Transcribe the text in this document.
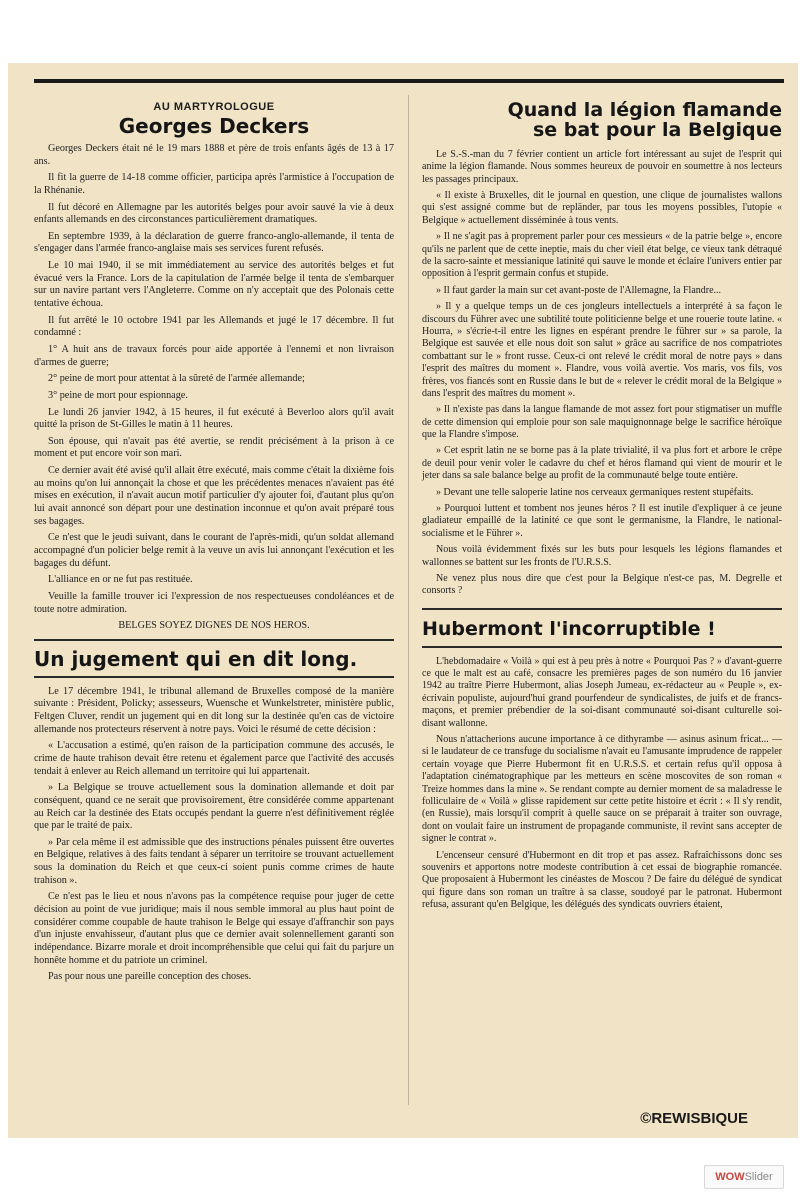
AU MARTYROLOGUE
Georges Deckers

Georges Deckers était né le 19 mars 1888 et père de trois enfants âgés de 13 à 17 ans.

Il fit la guerre de 14-18 comme officier, participa après l'armistice à l'occupation de la Rhénanie.

Il fut décoré en Allemagne par les autorités belges pour avoir sauvé la vie à deux enfants allemands en des circonstances particulièrement dramatiques.

En septembre 1939, à la déclaration de guerre franco-anglo-allemande, il tenta de s'engager dans l'armée franco-anglaise mais ses services furent refusés.

Le 10 mai 1940, il se mit immédiatement au service des autorités belges et fut évacué vers la France. Lors de la capitulation de l'armée belge il tenta de s'embarquer sur un navire partant vers l'Angleterre. Comme on n'y acceptait que des Polonais cette tentative échoua.

Il fut arrêté le 10 octobre 1941 par les Allemands et jugé le 17 décembre. Il fut condamné :

1° A huit ans de travaux forcés pour aide apportée à l'ennemi et non livraison d'armes de guerre;

2° peine de mort pour attentat à la sûreté de l'armée allemande;

3° peine de mort pour espionnage.

Le lundi 26 janvier 1942, à 15 heures, il fut exécuté à Beverloo alors qu'il avait quitté la prison de St-Gilles le matin à 11 heures.

Son épouse, qui n'avait pas été avertie, se rendit précisément à la prison à ce moment et put encore voir son mari.

Ce dernier avait été avisé qu'il allait être exécuté, mais comme c'était la dixième fois au moins qu'on lui annonçait la chose et que les précédentes menaces n'avaient pas été mises en exécution, il n'avait aucun motif particulier d'y ajouter foi, d'autant plus qu'on lui avait annoncé son départ pour une destination inconnue et qu'on avait préparé tous ses bagages.

Ce n'est que le jeudi suivant, dans le courant de l'après-midi, qu'un soldat allemand accompagné d'un policier belge remit à la veuve un avis lui annonçant l'exécution et les bagages du défunt.

L'alliance en or ne fut pas restituée.

Veuille la famille trouver ici l'expression de nos respectueuses condoléances et de toute notre admiration.

BELGES SOYEZ DIGNES DE NOS HEROS.

Un jugement qui en dit long.

Le 17 décembre 1941, le tribunal allemand de Bruxelles composé de la manière suivante : Président, Policky; assesseurs, Wuensche et Wunkelstreter, ministère public, Feltgen Cluver, rendit un jugement qui en dit long sur la destinée qu'en cas de victoire allemande nos protecteurs réservent à notre pays. Voici le résumé de cette décision :

« L'accusation a estimé, qu'en raison de la participation commune des accusés, le crime de haute trahison devait être retenu et également parce que l'activité des accusés tendait à enlever au Reich allemand un territoire qui lui appartenait.

» La Belgique se trouve actuellement sous la domination allemande et doit par conséquent, quand ce ne serait que provisoirement, être considérée comme appartenant au Reich car la destinée des Etats occupés pendant la guerre n'est définitivement réglée que par le traité de paix.

» Par cela même il est admissible que des instructions pénales puissent être ouvertes en Belgique, relatives à des faits tendant à séparer un territoire se trouvant actuellement sous la domination du Reich et que ceux-ci soient punis comme crimes de haute trahison ».

Ce n'est pas le lieu et nous n'avons pas la compétence requise pour juger de cette décision au point de vue juridique; mais il nous semble immoral au plus haut point de considérer comme coupable de haute trahison le Belge qui essaye d'affranchir son pays d'un injuste envahisseur, d'autant plus que ce dernier avait solennellement garanti son indépendance. Bizarre morale et droit incompréhensible que celui qui fait du parjure un honnête homme et du patriote un criminel.

Pas pour nous une pareille conception des choses.

Quand la légion flamande
se bat pour la Belgique

Le S.-S.-man du 7 février contient un article fort intéressant au sujet de l'esprit qui anime la légion flamande. Nous sommes heureux de pouvoir en soumettre à nos lecteurs les passages principaux.

« Il existe à Bruxelles, dit le journal en question, une clique de journalistes wallons qui s'est assigné comme but de repländer, par tous les moyens possibles, l'utopie « Belgique » actuellement disséminée à tous vents.

» Il ne s'agit pas à proprement parler pour ces messieurs « de la patrie belge », encore qu'ils ne parlent que de cette ineptie, mais du cher vieil état belge, ce vieux tank détraqué de la sacro-sainte et messianique latinité qui sauve le monde et éclaire l'univers entier par opposition à l'esprit germain confus et stupide.

» Il faut garder la main sur cet avant-poste de l'Allemagne, la Flandre...

» Il y a quelque temps un de ces jongleurs intellectuels a interprété à sa façon le discours du Führer avec une subtilité toute politicienne belge et une rouerie toute latine. « Hourra, » s'écrie-t-il entre les lignes en espérant prendre le führer sur » sa parole, la Belgique est sauvée et elle nous doit son salut » grâce au sacrifice de nos compatriotes combattant sur le » front russe. Ceux-ci ont relevé le crédit moral de notre pays » dans l'esprit des maîtres du moment ». Flandre, vous voilà avertie. Vos maris, vos fils, vos frères, vos fiancés sont en Russie dans le but de « relever le crédit moral de la Belgique » dans l'esprit des maîtres du moment ».

» Il n'existe pas dans la langue flamande de mot assez fort pour stigmatiser un muffle de cette dimension qui emploie pour son sale maquignonnage belge le sacrifice héroïque que la Flandre s'impose.

» Cet esprit latin ne se borne pas à la plate trivialité, il va plus fort et arbore le crêpe de deuil pour venir voler le cadavre du chef et héros flamand qui vient de mourir et le jeter dans sa sale balance belge au profit de la communauté belge toute entière.

» Devant une telle saloperie latine nos cerveaux germaniques restent stupéfaits.

» Pourquoi luttent et tombent nos jeunes héros ? Il est inutile d'expliquer à ce jeune gladiateur empaillé de la latinité ce que sont le germanisme, la Flandre, le national-socialisme et le Führer ».

Nous voilà évidemment fixés sur les buts pour lesquels les légions flamandes et wallonnes se battent sur les fronts de l'U.R.S.S.

Ne venez plus nous dire que c'est pour la Belgique n'est-ce pas, M. Degrelle et consorts ?

Hubermont l'incorruptible !

L'hebdomadaire « Voilà » qui est à peu près à notre « Pourquoi Pas ? » d'avant-guerre ce que le malt est au café, consacre les premières pages de son numéro du 16 janvier 1942 au traître Pierre Hubermont, alias Joseph Jumeau, ex-rédacteur au « Peuple », ex-écrivain populiste, aujourd'hui grand pourfendeur de syndicalistes, de juifs et de francs-maçons, et premier prébendier de la soi-disant communauté soi-disant culturelle soi-disant wallonne.

Nous n'attacherions aucune importance à ce dithyrambe — asinus asinum fricat... — si le laudateur de ce transfuge du socialisme n'avait eu l'amusante imprudence de rappeler certain voyage que Pierre Hubermont fit en U.R.S.S. et certain refus qu'il opposa à l'adaptation cinématographique par les metteurs en scène moscovites de son roman « Treize hommes dans la mine ». Se rendant compte au dernier moment de sa maladresse le folliculaire de « Voilà » glisse rapidement sur cette petite histoire et écrit : « Il s'y rendit, (en Russie), mais lorsqu'il comprit à quelle sauce on se préparait à traiter son ouvrage, dont on voulait faire un instrument de propagande communiste, il revint sans accepter de signer le contrat ».

L'encenseur censuré d'Hubermont en dit trop et pas assez. Rafraîchissons donc ses souvenirs et apportons notre modeste contribution à cet essai de biographie romancée. Que proposaient à Hubermont les cinéastes de Moscou ? De faire du délégué de syndicat qui figure dans son roman un traître à sa classe, soudoyé par le patronat. Hubermont refusa, assurant qu'en Belgique, les délégués des syndicats ouvriers étaient,

©REWISBIQUE
WOWSlider
